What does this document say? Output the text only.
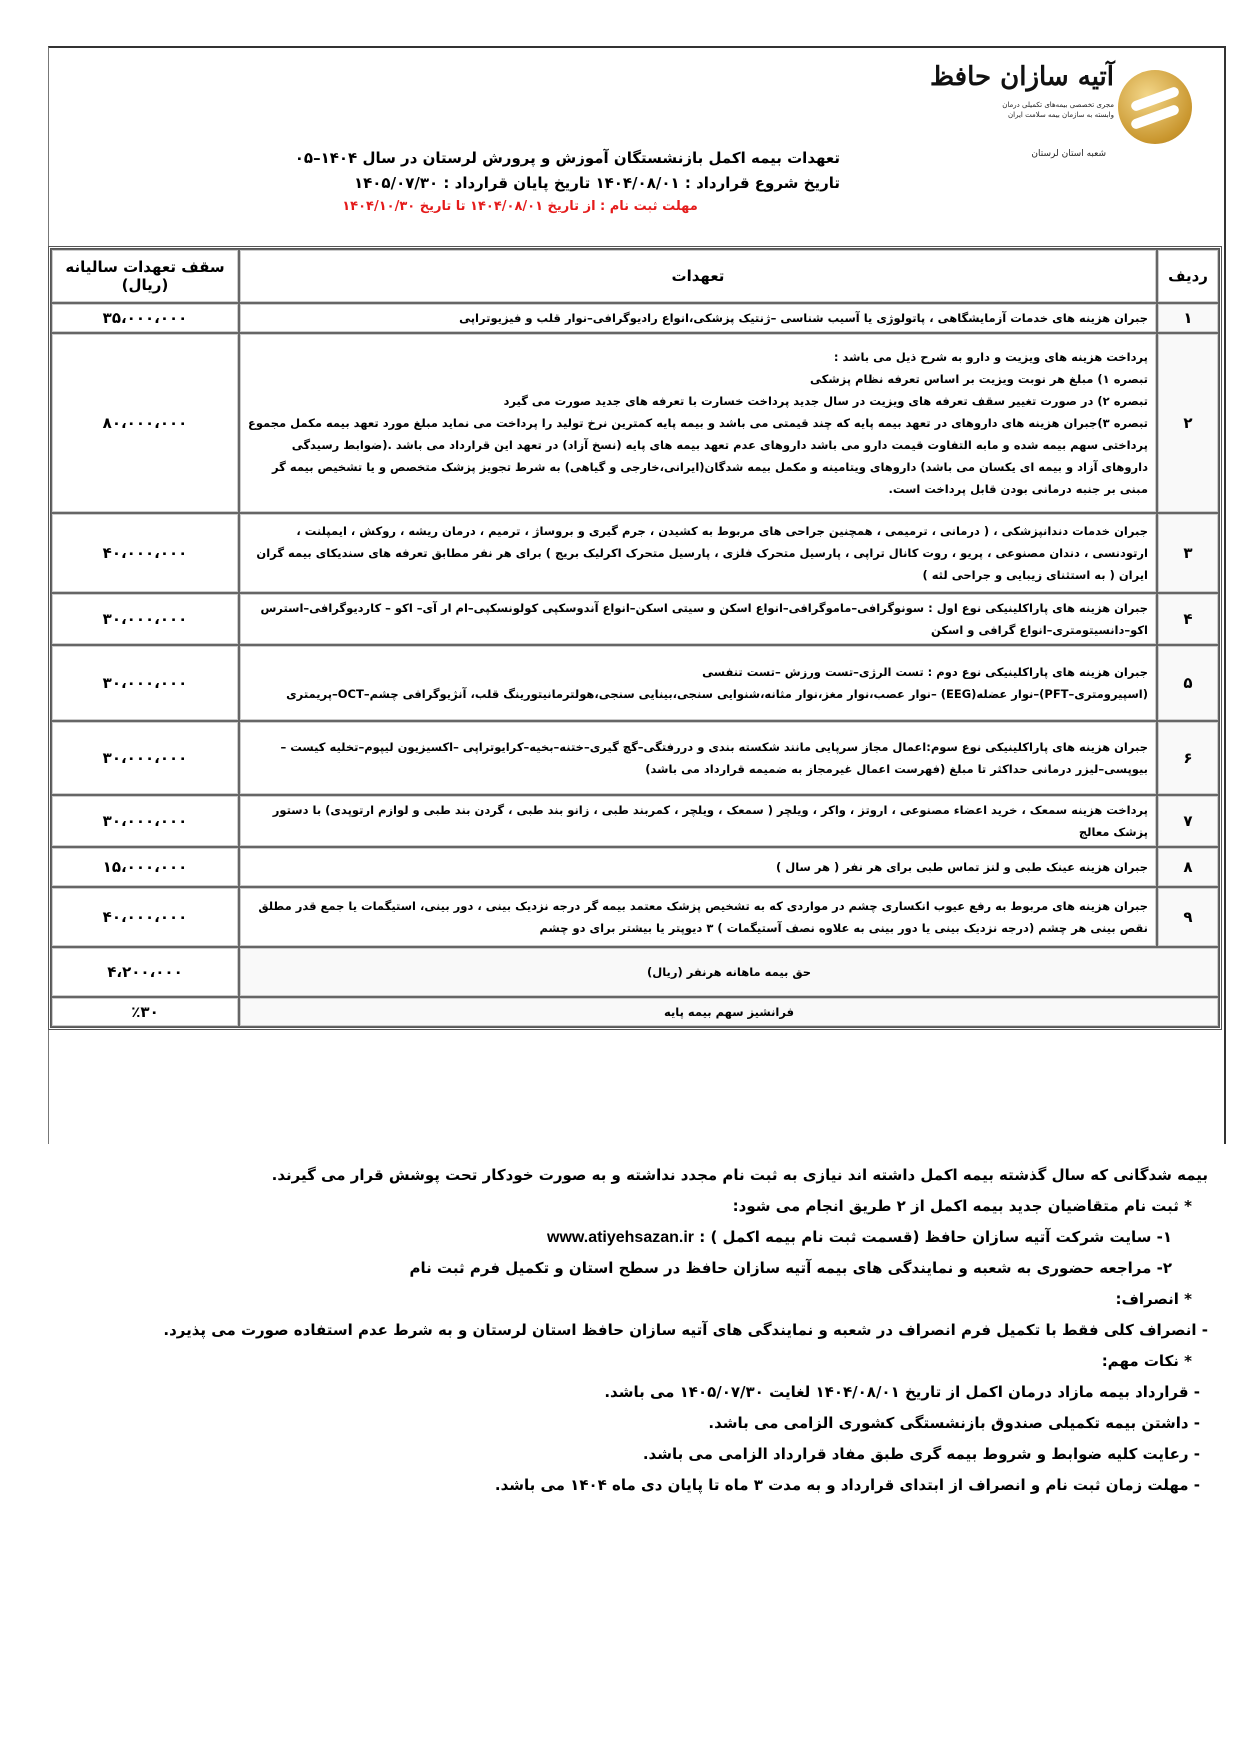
آتیه سازان حافظ
مجری تخصصی بیمه‌های تکمیلی درمان
وابسته به سازمان بیمه سلامت ایران
شعبه استان لرستان

تعهدات بیمه اکمل بازنشستگان آموزش و پرورش لرستان در سال ۱۴۰۴–۰۵

تاریخ شروع قرارداد : ۱۴۰۴/۰۸/۰۱ تاریخ پایان قرارداد : ۱۴۰۵/۰۷/۳۰

مهلت ثبت نام : از تاریخ ۱۴۰۴/۰۸/۰۱ تا تاریخ ۱۴۰۴/۱۰/۳۰

ردیف	تعهدات	سقف تعهدات سالیانه (ریال)
۱	جبران هزینه های خدمات آزمایشگاهی ، پاتولوژی یا آسیب شناسی –ژنتیک پزشکی،انواع رادیوگرافی–نوار قلب و فیزیوتراپی	۳۵،۰۰۰،۰۰۰
۲	پرداخت هزینه های ویزیت و دارو به شرح ذیل می باشد :
تبصره ۱) مبلغ هر نوبت ویزیت بر اساس تعرفه نظام پزشکی
تبصره ۲) در صورت تغییر سقف تعرفه های ویزیت در سال جدید پرداخت خسارت با تعرفه های جدید صورت می گیرد
تبصره ۳)جبران هزینه های داروهای در تعهد بیمه پایه که چند قیمتی می باشد و بیمه پایه کمترین نرخ تولید را پرداخت می نماید مبلغ مورد تعهد بیمه مکمل مجموع پرداختی سهم بیمه شده و مابه التفاوت قیمت دارو می باشد داروهای عدم تعهد بیمه های پایه (نسخ آزاد) در تعهد این قرارداد می باشد .(ضوابط رسیدگی داروهای آزاد و بیمه ای یکسان می باشد) داروهای ویتامینه و مکمل بیمه شدگان(ایرانی،خارجی و گیاهی) به شرط تجویز پزشک متخصص و یا تشخیص بیمه گر مبنی بر جنبه درمانی بودن قابل پرداخت است.	۸۰،۰۰۰،۰۰۰
۳	جبران خدمات دندانپزشکی ، ( درمانی ، ترمیمی ، همچنین جراحی های مربوط به کشیدن ، جرم گیری و بروساژ ، ترمیم ، درمان ریشه ، روکش ، ایمپلنت ، ارتودنسی ، دندان مصنوعی ، پریو ، روت کانال تراپی ، پارسیل متحرک فلزی ، پارسیل متحرک اکرلیک بریج ) برای هر نفر مطابق تعرفه های سندیکای بیمه گران ایران ( به استثنای زیبایی و جراحی لثه )	۴۰،۰۰۰،۰۰۰
۴	جبران هزینه های پاراکلینیکی نوع اول : سونوگرافی–ماموگرافی–انواع اسکن و سیتی اسکن–انواع آندوسکپی کولونسکپی–ام ار آی– اکو – کاردیوگرافی–استرس اکو–دانسیتومتری–انواع گرافی و اسکن	۳۰،۰۰۰،۰۰۰
۵	جبران هزینه های پاراکلینیکی نوع دوم : تست الرژی–تست ورزش –تست تنفسی
(اسپیرومتری–PFT)–نوار عضله(EEG) –نوار عصب،نوار مغز،نوار مثانه،شنوایی سنجی،بینایی سنجی،هولترمانیتورینگ قلب، آنژیوگرافی چشم–OCT–پریمتری	۳۰،۰۰۰،۰۰۰
۶	جبران هزینه های پاراکلینیکی نوع سوم:اعمال مجاز سرپایی مانند شکسته بندی و دررفتگی–گچ گیری–ختنه–بخیه–کرایوتراپی –اکسیزیون لیپوم–تخلیه کیست –بیوپسی–لیزر درمانی حداکثر تا مبلغ (فهرست اعمال غیرمجاز به ضمیمه قرارداد می باشد)	۳۰،۰۰۰،۰۰۰
۷	پرداخت هزینه سمعک ، خرید اعضاء مصنوعی ، اروتز ، واکر ، ویلچر ( سمعک ، ویلچر ، کمربند طبی ، زانو بند طبی ، گردن بند طبی و لوازم ارتوپدی) با دستور پزشک معالج	۳۰،۰۰۰،۰۰۰
۸	جبران هزینه عینک طبی و لنز تماس طبی برای هر نفر ( هر سال )	۱۵،۰۰۰،۰۰۰
۹	جبران هزینه های مربوط به رفع عیوب انکساری چشم در مواردی که به تشخیص پزشک معتمد بیمه گر درجه نزدیک بینی ، دور بینی، استیگمات یا جمع قدر مطلق نقص بینی هر چشم (درجه نزدیک بینی یا دور بینی به علاوه نصف آستیگمات ) ۳ دیوپتر یا بیشتر برای دو چشم	۴۰،۰۰۰،۰۰۰
حق بیمه ماهانه هرنفر (ریال)		۴،۲۰۰،۰۰۰
فرانشیز سهم بیمه پایه		٪۳۰

بیمه شدگانی که سال گذشته بیمه اکمل داشته اند نیازی به ثبت نام مجدد نداشته و به صورت خودکار تحت پوشش قرار می گیرند.

* ثبت نام متقاضیان جدید بیمه اکمل از ۲ طریق انجام می شود:

۱- سایت شرکت آتیه سازان حافظ (قسمت ثبت نام بیمه اکمل ) : www.atiyehsazan.ir

۲- مراجعه حضوری به شعبه و نمایندگی های بیمه آتیه سازان حافظ در سطح استان و تکمیل فرم ثبت نام

* انصراف:

- انصراف کلی فقط با تکمیل فرم انصراف در شعبه و نمایندگی های آتیه سازان حافظ استان لرستان و به شرط عدم استفاده صورت می پذیرد.

* نکات مهم:

- قرارداد بیمه مازاد درمان اکمل از تاریخ ۱۴۰۴/۰۸/۰۱ لغایت ۱۴۰۵/۰۷/۳۰ می باشد.

- داشتن بیمه تکمیلی صندوق بازنشستگی کشوری الزامی می باشد.

- رعایت کلیه ضوابط و شروط بیمه گری طبق مفاد قرارداد الزامی می باشد.

- مهلت زمان ثبت نام و انصراف از ابتدای قرارداد و به مدت ۳ ماه تا پایان دی ماه ۱۴۰۴ می باشد.
